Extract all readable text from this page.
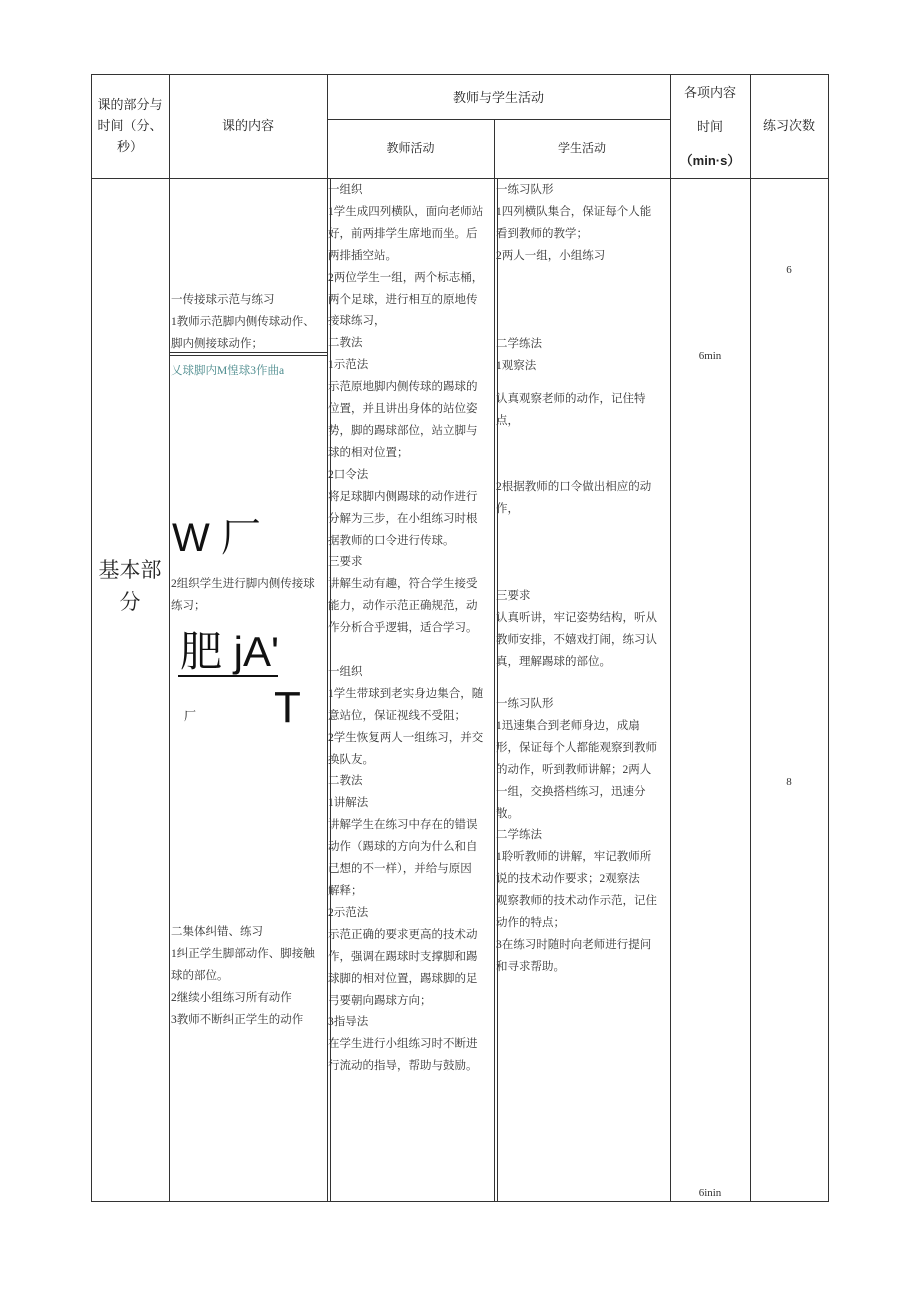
课的部分与
时间（分、
秒）
课的内容
教师与学生活动
教师活动	学生活动
各项内容
时间
（min·s）
练习次数
基本部
分
一传接球示范与练习
1教师示范脚内侧传球动作、
脚内侧接球动作；
乂球脚内M惶球3作曲a
W 厂
2组织学生进行脚内侧传接球
练习；
肥 jA'
厂 T
二集体纠错、练习
1纠正学生脚部动作、脚接触
球的部位。
2继续小组练习所有动作
3教师不断纠正学生的动作
一组织
1学生成四列横队，面向老师站
好，前两排学生席地而坐。后
两排插空站。
2两位学生一组，两个标志桶，
两个足球，进行相互的原地传
接球练习，
二教法
1示范法
示范原地脚内侧传球的踢球的
位置，并且讲出身体的站位姿
势，脚的踢球部位，站立脚与
球的相对位置；
2口令法
将足球脚内侧踢球的动作进行
分解为三步，在小组练习时根
据教师的口令进行传球。
三要求
讲解生动有趣，符合学生接受
能力，动作示范正确规范，动
作分析合乎逻辑，适合学习。
一组织
1学生带球到老实身边集合，随
意站位，保证视线不受阻；
2学生恢复两人一组练习，并交
换队友。
二教法
1讲解法
讲解学生在练习中存在的错误
动作（踢球的方向为什么和自
己想的不一样），并给与原因
解释；
2示范法
示范正确的要求更高的技术动
作，强调在踢球时支撑脚和踢
球脚的相对位置，踢球脚的足
弓要朝向踢球方向；
3指导法
在学生进行小组练习时不断进
行流动的指导，帮助与鼓励。
一练习队形
1四列横队集合，保证每个人能
看到教师的教学；
2两人一组，小组练习
二学练法
1观察法
认真观察老师的动作，记住特
点，
2根据教师的口令做出相应的动
作，
三要求
认真听讲，牢记姿势结构，听从
教师安排，不嬉戏打闹，练习认
真，理解踢球的部位。
一练习队形
1迅速集合到老师身边，成扇
形，保证每个人都能观察到教师
的动作，听到教师讲解；2两人
一组，交换搭档练习，迅速分
散。
二学练法
1聆听教师的讲解，牢记教师所
说的技术动作要求；2观察法
观察教师的技术动作示范，记住
动作的特点；
3在练习时随时向老师进行提问
和寻求帮助。
6min
6inin
6
8
